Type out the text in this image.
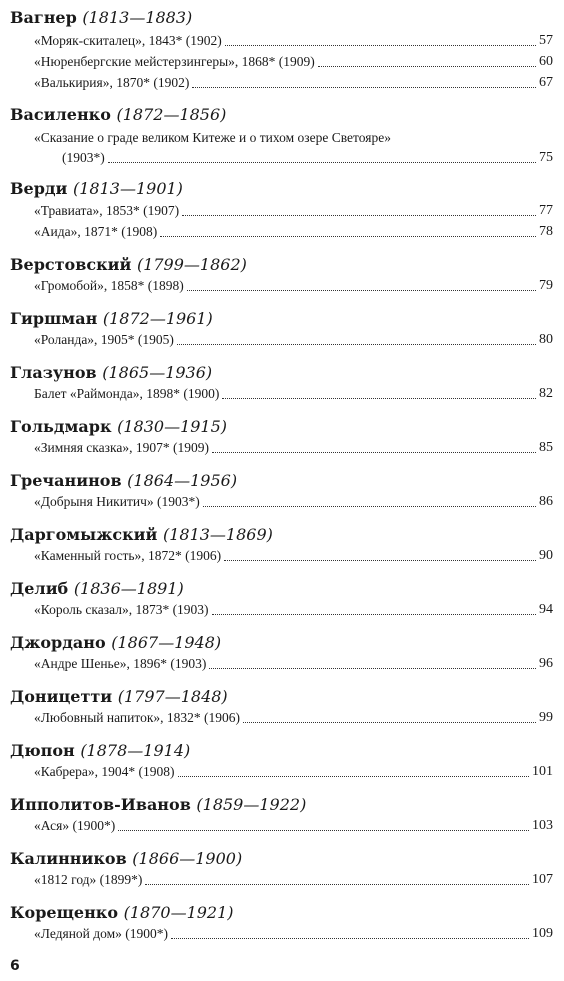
Вагнер (1813—1883)
«Моряк-скиталец», 1843* (1902)	57
«Нюренбергские мейстерзингеры», 1868* (1909)	60
«Валькирия», 1870* (1902)	67
Василенко (1872—1856)
«Сказание о граде великом Китеже и о тихом озере Светояре»
(1903*)	75
Верди (1813—1901)
«Травиата», 1853* (1907)	77
«Аида», 1871* (1908)	78
Верстовский (1799—1862)
«Громобой», 1858* (1898)	79
Гиршман (1872—1961)
«Роланда», 1905* (1905)	80
Глазунов (1865—1936)
Балет «Раймонда», 1898* (1900)	82
Гольдмарк (1830—1915)
«Зимняя сказка», 1907* (1909)	85
Гречанинов (1864—1956)
«Добрыня Никитич» (1903*)	86
Даргомыжский (1813—1869)
«Каменный гость», 1872* (1906)	90
Делиб (1836—1891)
«Король сказал», 1873* (1903)	94
Джордано (1867—1948)
«Андре Шенье», 1896* (1903)	96
Доницетти (1797—1848)
«Любовный напиток», 1832* (1906)	99
Дюпон (1878—1914)
«Кабрера», 1904* (1908)	101
Ипполитов-Иванов (1859—1922)
«Ася» (1900*)	103
Калинников (1866—1900)
«1812 год» (1899*)	107
Корещенко (1870—1921)
«Ледяной дом» (1900*)	109
6
